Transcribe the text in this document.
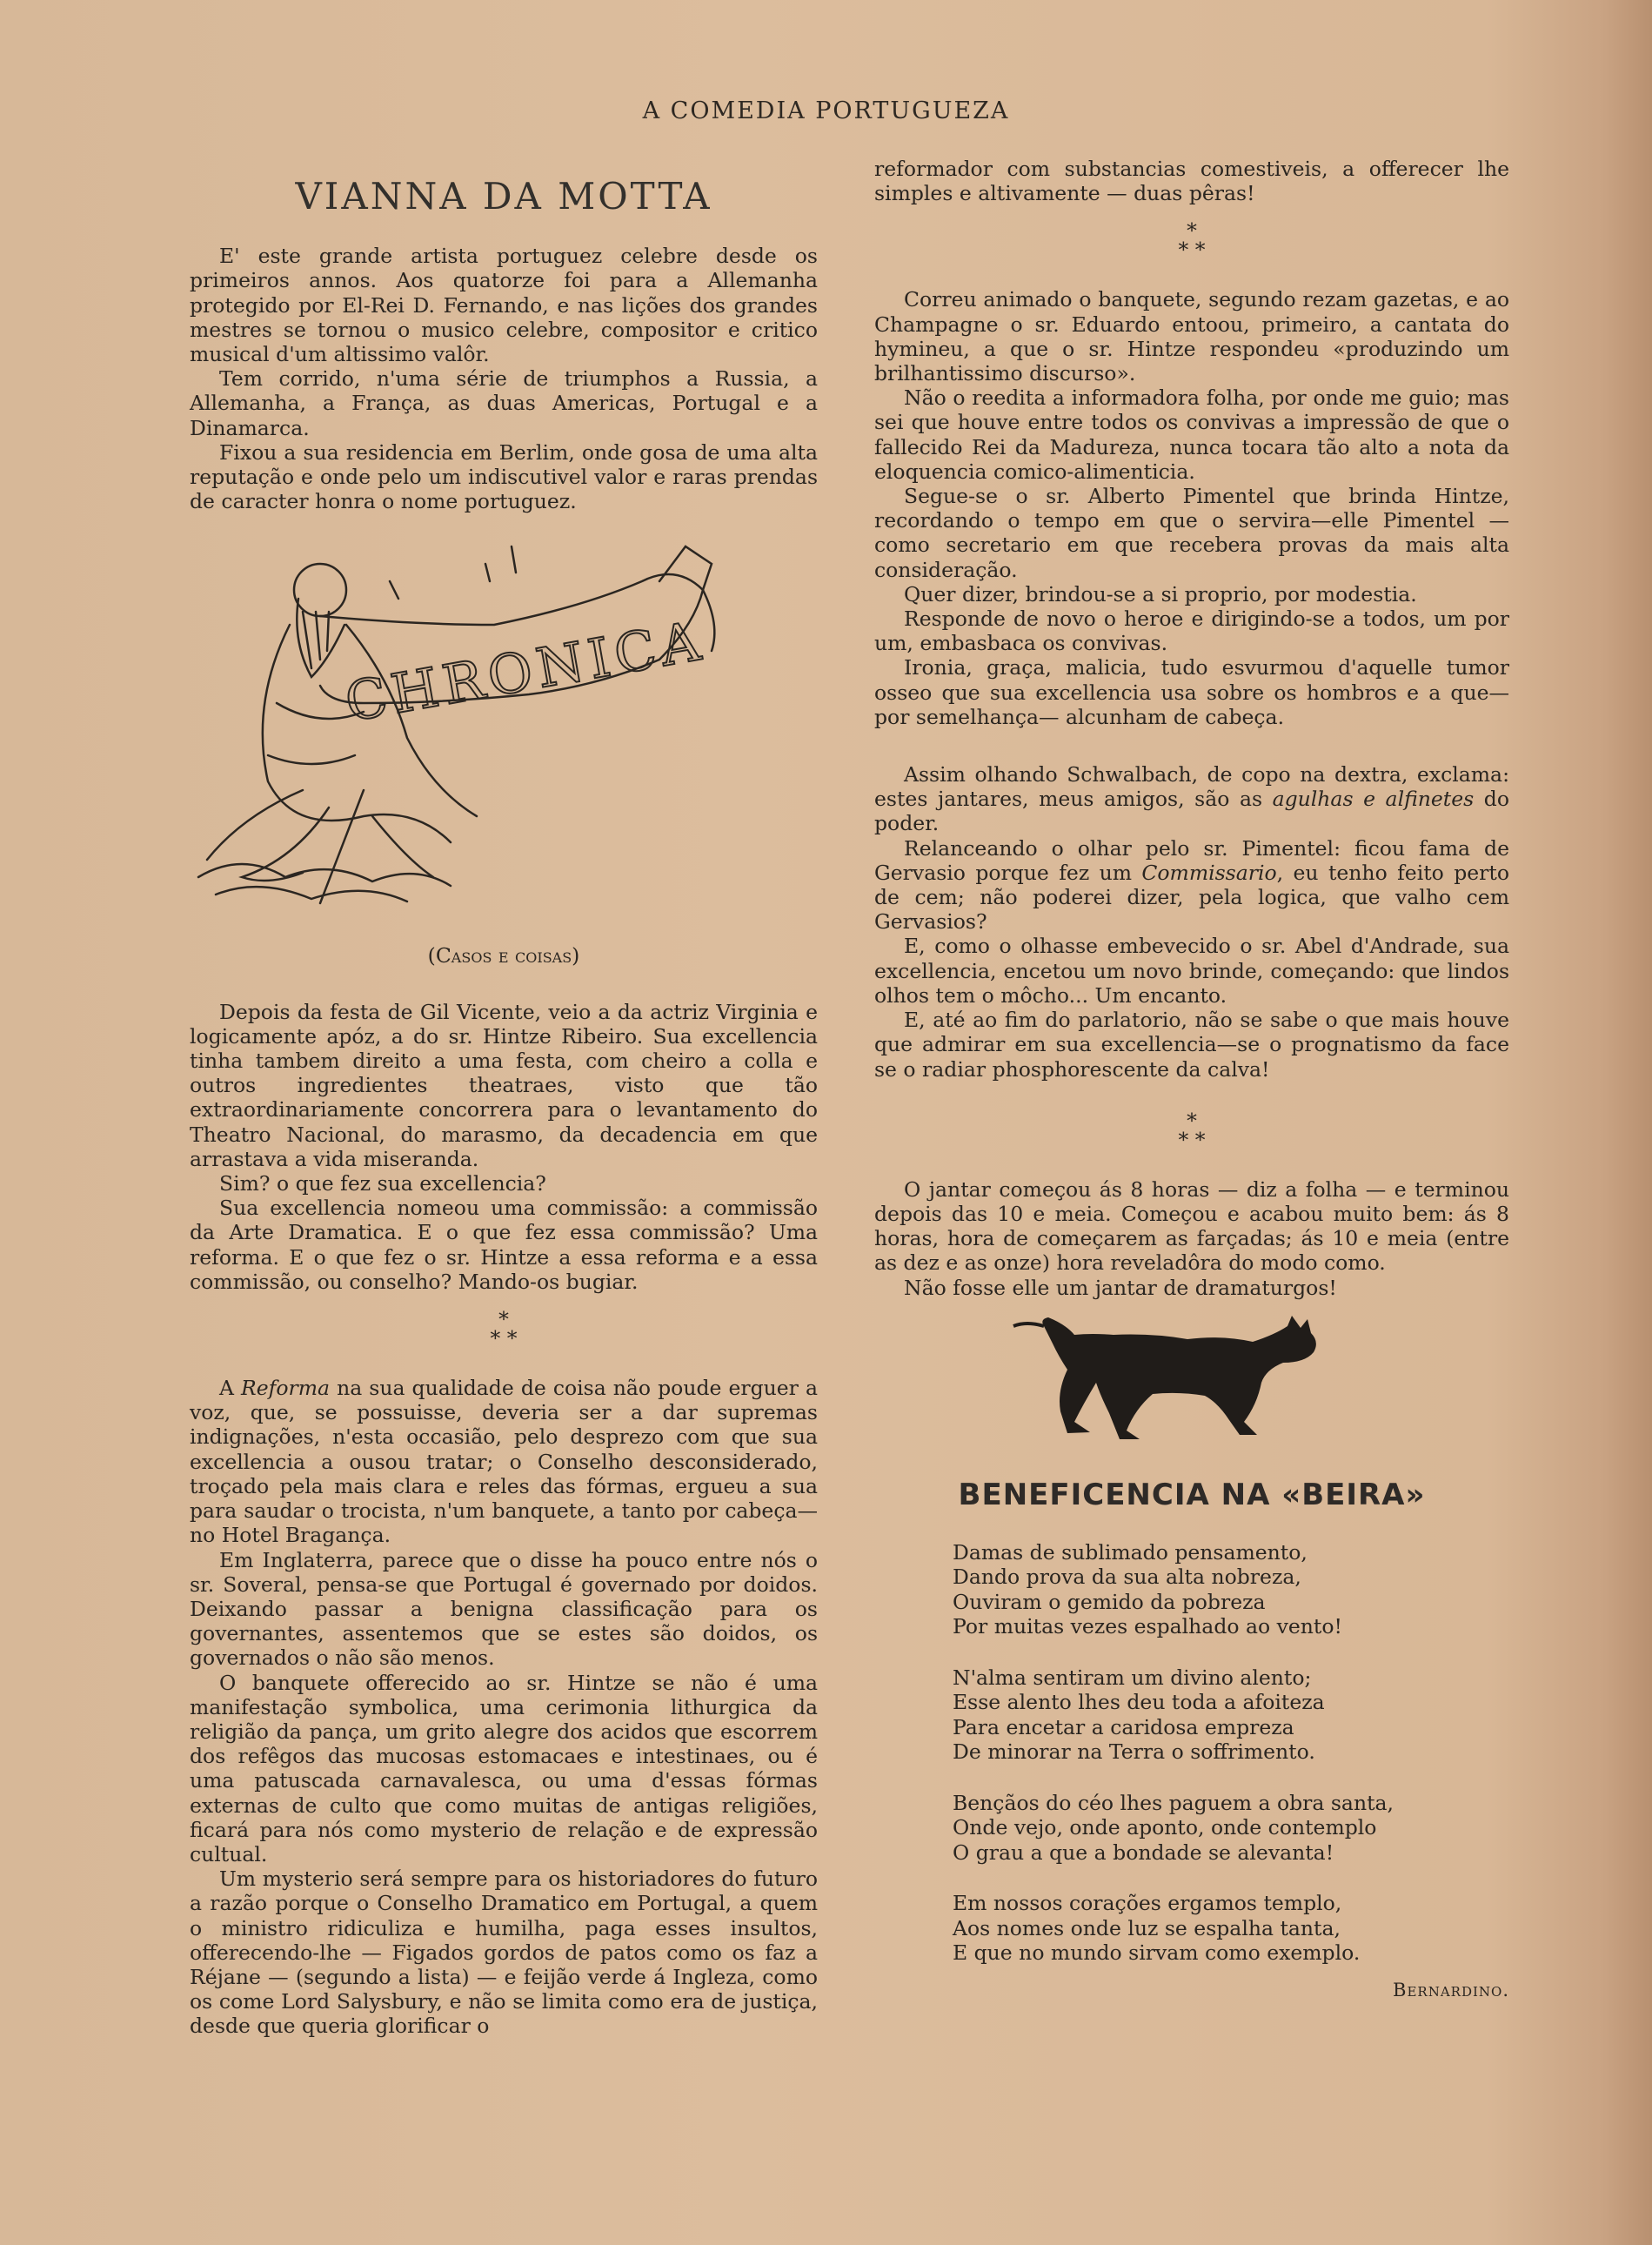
A COMEDIA PORTUGUEZA
VIANNA DA MOTTA

E' este grande artista portuguez celebre desde os primeiros annos. Aos quatorze foi para a Allemanha protegido por El-Rei D. Fernando, e nas lições dos grandes mestres se tornou o musico celebre, compositor e critico musical d'um altissimo valôr.

Tem corrido, n'uma série de triumphos a Russia, a Allemanha, a França, as duas Americas, Portugal e a Dinamarca.

Fixou a sua residencia em Berlim, onde gosa de uma alta reputação e onde pelo um indiscutivel valor e raras prendas de caracter honra o nome portuguez.

CHRONICA
(Casos e coisas)

Depois da festa de Gil Vicente, veio a da actriz Virginia e logicamente apóz, a do sr. Hintze Ribeiro. Sua excellencia tinha tambem direito a uma festa, com cheiro a colla e outros ingredientes theatraes, visto que tão extraordinariamente concorrera para o levantamento do Theatro Nacional, do marasmo, da decadencia em que arrastava a vida miseranda.

Sim? o que fez sua excellencia?

Sua excellencia nomeou uma commissão: a commissão da Arte Dramatica. E o que fez essa commissão? Uma reforma. E o que fez o sr. Hintze a essa reforma e a essa commissão, ou conselho? Mando-os bugiar.

*
* *

A Reforma na sua qualidade de coisa não poude erguer a voz, que, se possuisse, deveria ser a dar supremas indignações, n'esta occasião, pelo desprezo com que sua excellencia a ousou tratar; o Conselho desconsiderado, troçado pela mais clara e reles das fórmas, ergueu a sua para saudar o trocista, n'um banquete, a tanto por cabeça— no Hotel Bragança.

Em Inglaterra, parece que o disse ha pouco entre nós o sr. Soveral, pensa-se que Portugal é governado por doidos. Deixando passar a benigna classificação para os governantes, assentemos que se estes são doidos, os governados o não são menos.

O banquete offerecido ao sr. Hintze se não é uma manifestação symbolica, uma cerimonia lithurgica da religião da pança, um grito alegre dos acidos que escorrem dos refêgos das mucosas estomacaes e intestinaes, ou é uma patuscada carnavalesca, ou uma d'essas fórmas externas de culto que como muitas de antigas religiões, ficará para nós como mysterio de relação e de expressão cultual.

Um mysterio será sempre para os historiadores do futuro a razão porque o Conselho Dramatico em Portugal, a quem o ministro ridiculiza e humilha, paga esses insultos, offerecendo-lhe — Figados gordos de patos como os faz a Réjane — (segundo a lista) — e feijão verde á Ingleza, como os come Lord Salysbury, e não se limita como era de justiça, desde que queria glorificar o

reformador com substancias comestiveis, a offerecer lhe simples e altivamente — duas pêras!

*
* *

Correu animado o banquete, segundo rezam gazetas, e ao Champagne o sr. Eduardo entoou, primeiro, a cantata do hymineu, a que o sr. Hintze respondeu «produzindo um brilhantissimo discurso».

Não o reedita a informadora folha, por onde me guio; mas sei que houve entre todos os convivas a impressão de que o fallecido Rei da Madureza, nunca tocara tão alto a nota da eloquencia comico-alimenticia.

Segue-se o sr. Alberto Pimentel que brinda Hintze, recordando o tempo em que o servira—elle Pimentel — como secretario em que recebera provas da mais alta consideração.

Quer dizer, brindou-se a si proprio, por modestia.

Responde de novo o heroe e dirigindo-se a todos, um por um, embasbaca os convivas.

Ironia, graça, malicia, tudo esvurmou d'aquelle tumor osseo que sua excellencia usa sobre os hombros e a que— por semelhança— alcunham de cabeça.

Assim olhando Schwalbach, de copo na dextra, exclama: estes jantares, meus amigos, são as agulhas e alfinetes do poder.

Relanceando o olhar pelo sr. Pimentel: ficou fama de Gervasio porque fez um Commissario, eu tenho feito perto de cem; não poderei dizer, pela logica, que valho cem Gervasios?

E, como o olhasse embevecido o sr. Abel d'Andrade, sua excellencia, encetou um novo brinde, começando: que lindos olhos tem o môcho... Um encanto.

E, até ao fim do parlatorio, não se sabe o que mais houve que admirar em sua excellencia—se o prognatismo da face se o radiar phosphorescente da calva!

*
* *

O jantar começou ás 8 horas — diz a folha — e terminou depois das 10 e meia. Começou e acabou muito bem: ás 8 horas, hora de começarem as farçadas; ás 10 e meia (entre as dez e as onze) hora reveladôra do modo como.

Não fosse elle um jantar de dramaturgos!

BENEFICENCIA NA «BEIRA»
Damas de sublimado pensamento,
Dando prova da sua alta nobreza,
Ouviram o gemido da pobreza
Por muitas vezes espalhado ao vento!
N'alma sentiram um divino alento;
Esse alento lhes deu toda a afoiteza
Para encetar a caridosa empreza
De minorar na Terra o soffrimento.
Bençãos do céo lhes paguem a obra santa,
Onde vejo, onde aponto, onde contemplo
O grau a que a bondade se alevanta!
Em nossos corações ergamos templo,
Aos nomes onde luz se espalha tanta,
E que no mundo sirvam como exemplo.
Bernardino.
